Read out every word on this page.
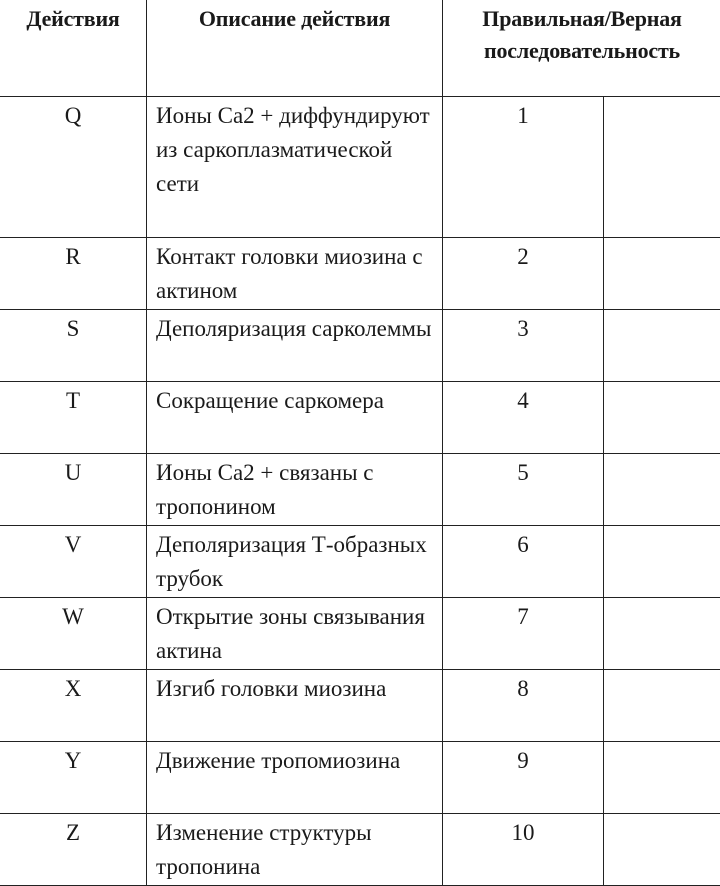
Действия	Описание действия	Правильная/Верная последовательность	

Q	Ионы Са2 + диффундируют из саркоплазматической сети	1	
R	Контакт головки миозина с актином	2	
S	Деполяризация сарколеммы	3	
T	Сокращение саркомера	4	
U	Ионы Са2 + связаны с тропонином	5	
V	Деполяризация Т-образных трубок	6	
W	Открытие зоны связывания актина	7	
X	Изгиб головки миозина	8	
Y	Движение тропомиозина	9	
Z	Изменение структуры тропонина	10	
